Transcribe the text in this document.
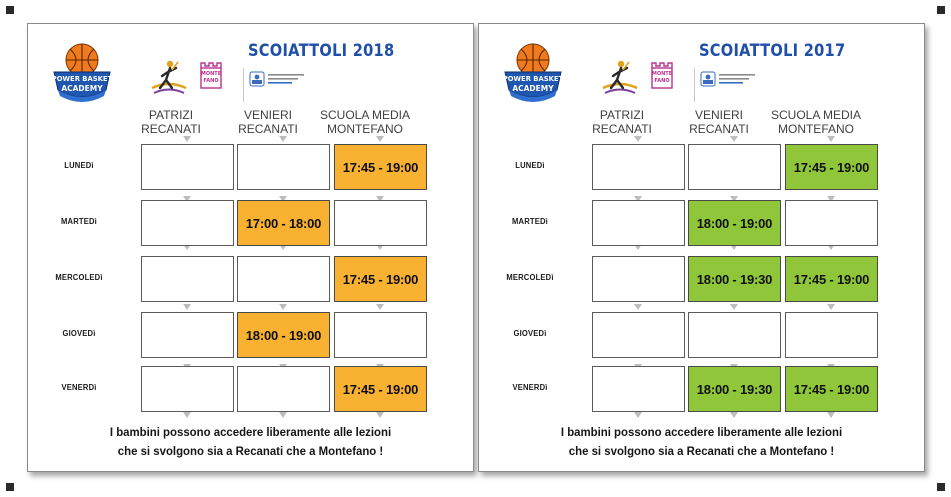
POWER BASKET
ACADEMY
MONTE
FANO
SCOIATTOLI 2018
PATRIZI
RECANATI
VENIERI
RECANATI
SCUOLA MEDIA
MONTEFANO
LUNEDì
MARTEDì
MERCOLEDì
GIOVEDì
VENERDì
17:45 - 19:00
17:00 - 18:00
17:45 - 19:00
18:00 - 19:00
17:45 - 19:00
I bambini possono accedere liberamente alle lezioni
che si svolgono sia a Recanati che a Montefano !
POWER BASKET
ACADEMY
MONTE
FANO
SCOIATTOLI 2017
PATRIZI
RECANATI
VENIERI
RECANATI
SCUOLA MEDIA
MONTEFANO
LUNEDì
MARTEDì
MERCOLEDì
GIOVEDì
VENERDì
17:45 - 19:00
18:00 - 19:00
18:00 - 19:30	17:45 - 19:00
18:00 - 19:30	17:45 - 19:00
I bambini possono accedere liberamente alle lezioni
che si svolgono sia a Recanati che a Montefano !
